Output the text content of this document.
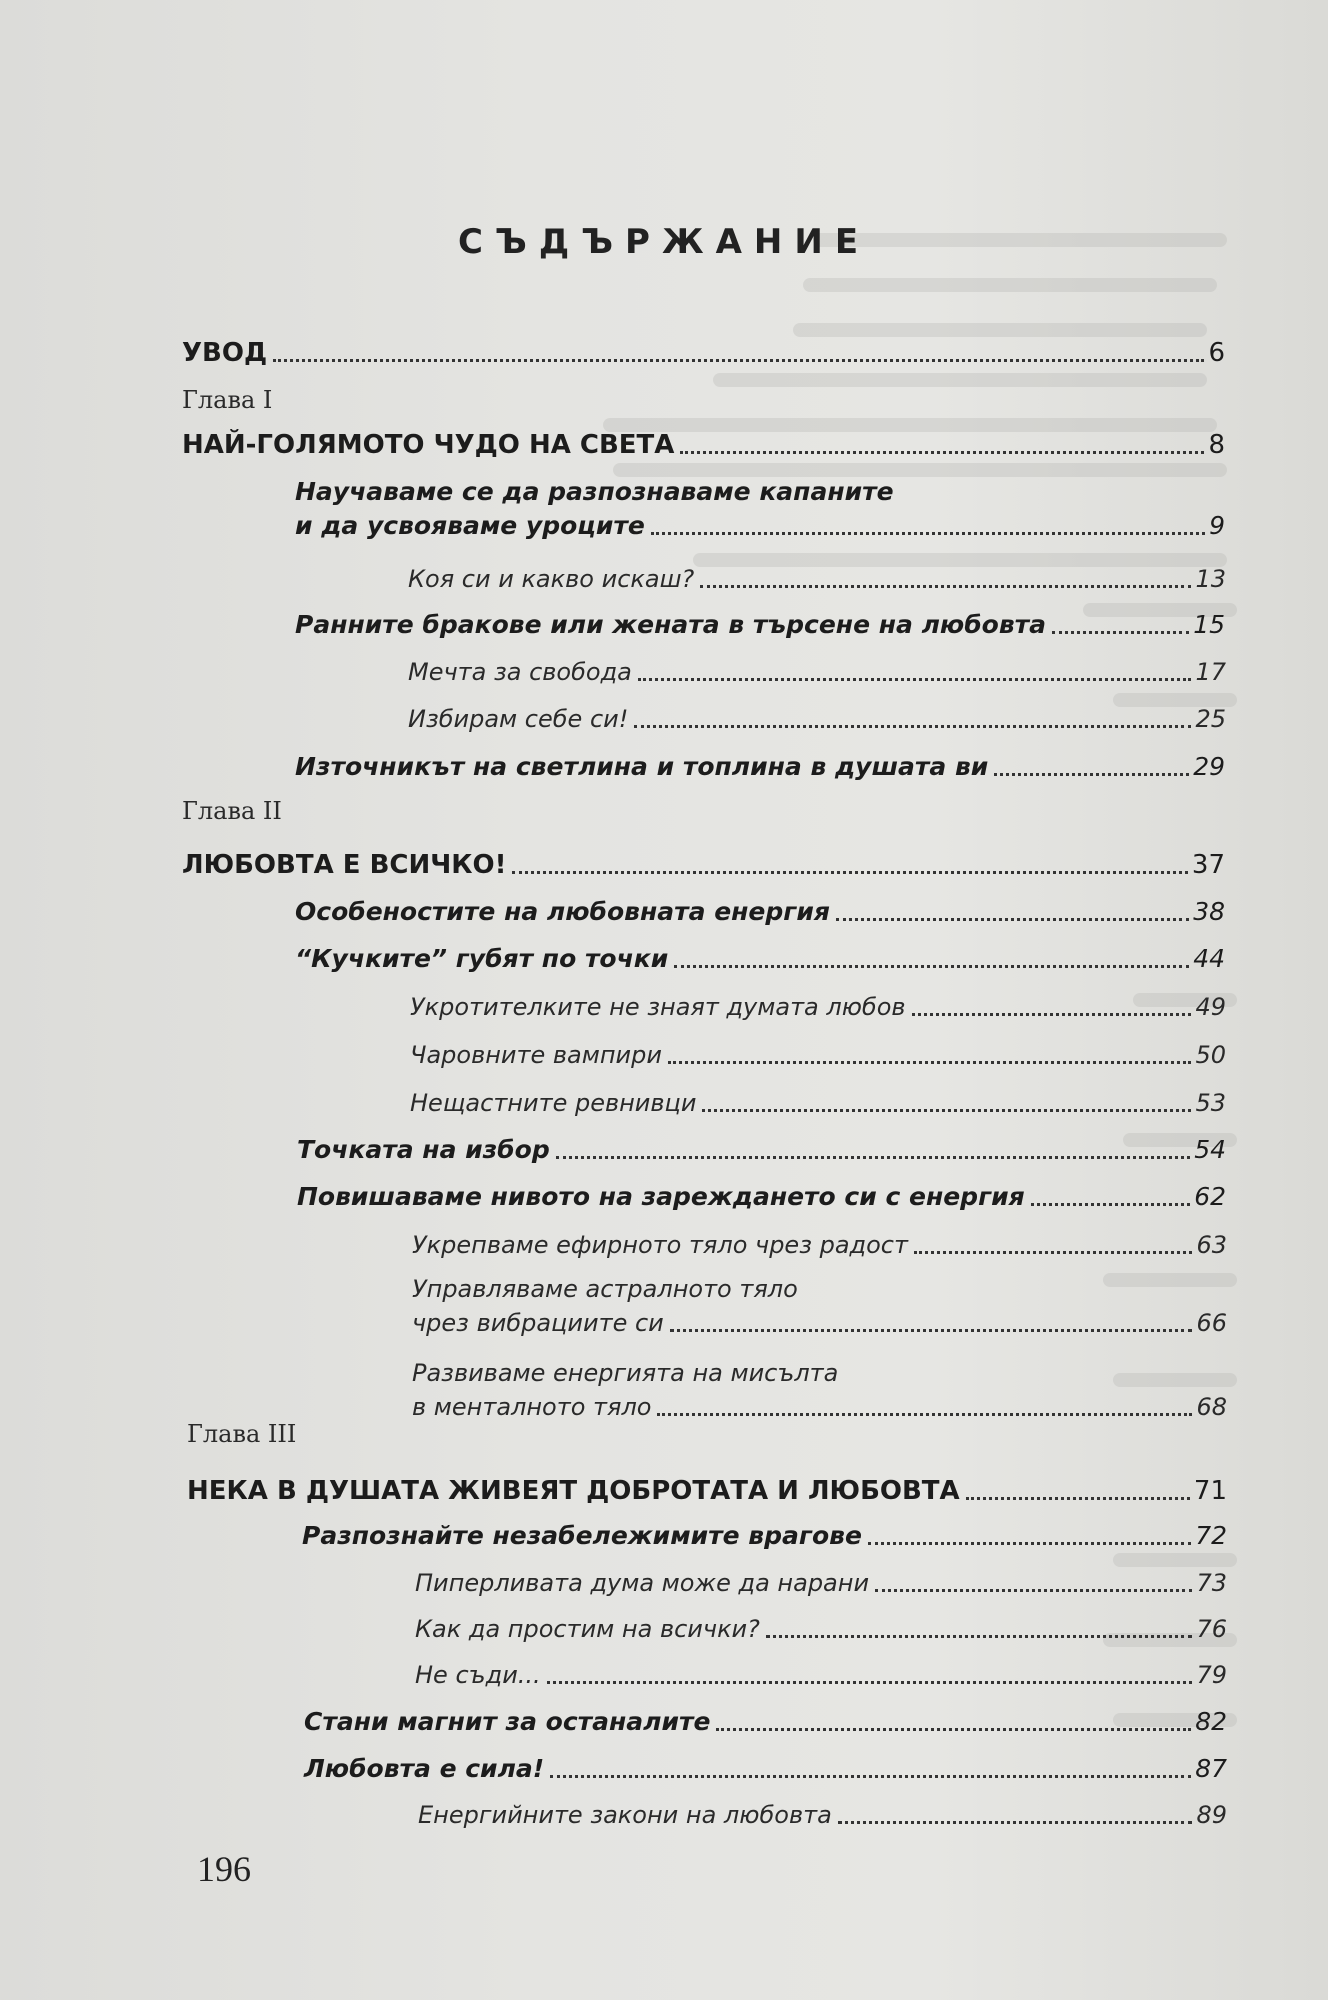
СЪДЪРЖАНИЕ
УВОД	6
Глава I
НАЙ-ГОЛЯМОТО ЧУДО НА СВЕТА	8
Научаваме се да разпознаваме капаните
и да усвояваме уроците	9
Коя си и какво искаш?	13
Ранните бракове или жената в търсене на любовта	15
Мечта за свобода	17
Избирам себе си!	25
Източникът на светлина и топлина в душата ви	29
Глава II
ЛЮБОВТА Е ВСИЧКО!	37
Особеностите на любовната енергия	38
“Кучките” губят по точки	44
Укротителките не знаят думата любов	49
Чаровните вампири	50
Нещастните ревнивци	53
Точката на избор	54
Повишаваме нивото на зареждането си с енергия	62
Укрепваме ефирното тяло чрез радост	63
Управляваме астралното тяло
чрез вибрациите си	66
Развиваме енергията на мисълта
в менталното тяло	68
Глава III
НЕКА В ДУШАТА ЖИВЕЯТ ДОБРОТАТА И ЛЮБОВТА	71
Разпознайте незабележимите врагове	72
Пиперливата дума може да нарани	73
Как да простим на всички?	76
Не съди...	79
Стани магнит за останалите	82
Любовта е сила!	87
Енергийните закони на любовта	89
196
